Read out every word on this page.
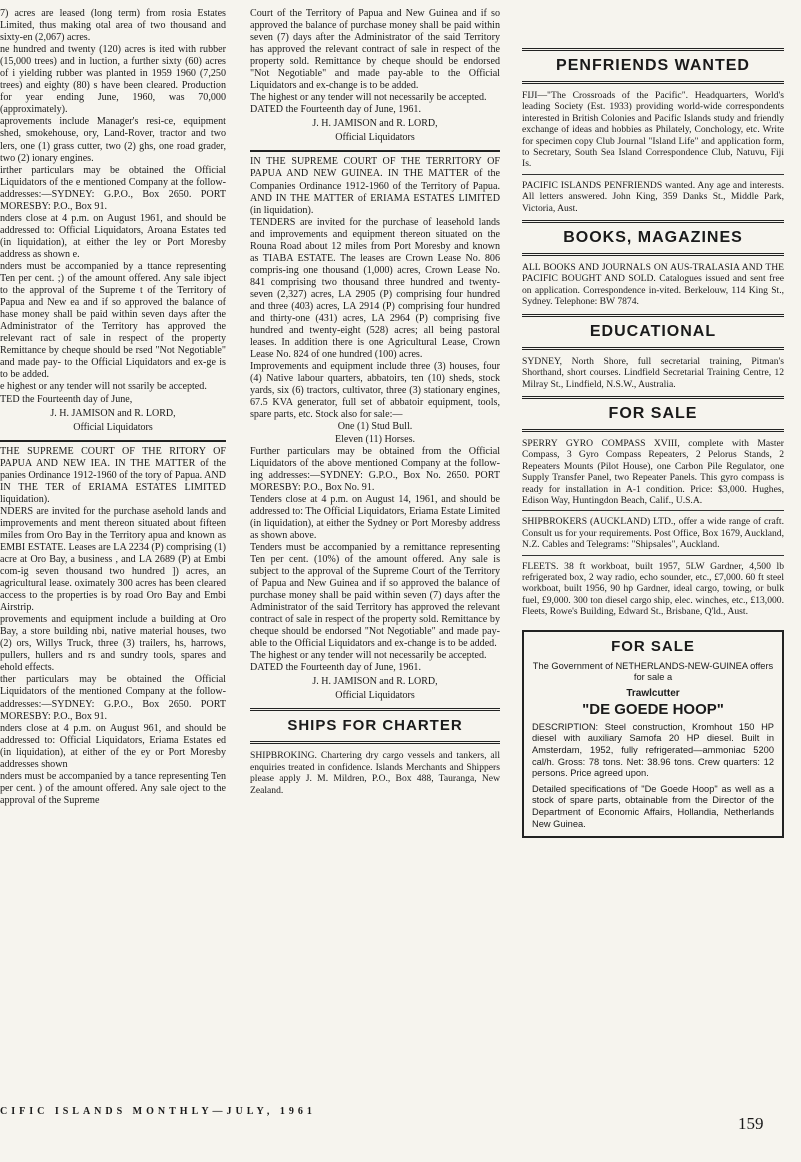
7) acres are leased (long term) from rosia Estates Limited, thus making otal area of two thousand and sixty-en (2,067) acres.

ne hundred and twenty (120) acres is ited with rubber (15,000 trees) and in luction, a further sixty (60) acres of i yielding rubber was planted in 1959 1960 (7,250 trees) and eighty (80) s have been cleared. Production for year ending June, 1960, was 70,000 (approximately).

aprovements include Manager's resi-ce, equipment shed, smokehouse, ory, Land-Rover, tractor and two lers, one (1) grass cutter, two (2) ghs, one road grader, two (2) ionary engines.

irther particulars may be obtained the Official Liquidators of the e mentioned Company at the follow- addresses:—SYDNEY: G.P.O., Box 2650. PORT MORESBY: P.O., Box 91.

nders close at 4 p.m. on August 1961, and should be addressed to: Official Liquidators, Aroana Estates ted (in liquidation), at either the ley or Port Moresby address as shown e.

nders must be accompanied by a ttance representing Ten per cent. ;) of the amount offered. Any sale ibject to the approval of the Supreme t of the Territory of Papua and New ea and if so approved the balance of hase money shall be paid within seven days after the Administrator of the Territory has approved the relevant ract of sale in respect of the property Remittance by cheque should be rsed "Not Negotiable" and made pay- to the Official Liquidators and ex-ge is to be added.

e highest or any tender will not ssarily be accepted.

TED the Fourteenth day of June,

J. H. JAMISON and R. LORD,
Official Liquidators

THE SUPREME COURT OF THE RITORY OF PAPUA AND NEW IEA. IN THE MATTER of the panies Ordinance 1912-1960 of the tory of Papua. AND IN THE TER of ERIAMA ESTATES LIMITED liquidation).

NDERS are invited for the purchase asehold lands and improvements and ment thereon situated about fifteen miles from Oro Bay in the Territory apua and known as EMBI ESTATE. Leases are LA 2234 (P) comprising (1) acre at Oro Bay, a business , and LA 2689 (P) at Embi com-ig seven thousand two hundred ]) acres, an agricultural lease. oximately 300 acres has been cleared access to the properties is by road Oro Bay and Embi Airstrip.

provements and equipment include a building at Oro Bay, a store building nbi, native material houses, two (2) ors, Willys Truck, three (3) trailers, hs, harrows, pullers, hullers and rs and sundry tools, spares and ehold effects.

ther particulars may be obtained the Official Liquidators of the mentioned Company at the follow- addresses:—SYDNEY: G.P.O., Box 2650. PORT MORESBY: P.O., Box 91.

nders close at 4 p.m. on August 961, and should be addressed to: Official Liquidators, Eriama Estates ed (in liquidation), at either of the ey or Port Moresby addresses shown

nders must be accompanied by a tance representing Ten per cent. ) of the amount offered. Any sale oject to the approval of the Supreme

Court of the Territory of Papua and New Guinea and if so approved the balance of purchase money shall be paid within seven (7) days after the Administrator of the said Territory has approved the relevant contract of sale in respect of the property sold. Remittance by cheque should be endorsed "Not Negotiable" and made pay-able to the Official Liquidators and ex-change is to be added.

The highest or any tender will not necessarily be accepted.

DATED the Fourteenth day of June, 1961.

J. H. JAMISON and R. LORD,
Official Liquidators

IN THE SUPREME COURT OF THE TERRITORY OF PAPUA AND NEW GUINEA. IN THE MATTER of the Companies Ordinance 1912-1960 of the Territory of Papua. AND IN THE MATTER of ERIAMA ESTATES LIMITED (in liquidation).

TENDERS are invited for the purchase of leasehold lands and improvements and equipment thereon situated on the Rouna Road about 12 miles from Port Moresby and known as TIABA ESTATE. The leases are Crown Lease No. 806 compris-ing one thousand (1,000) acres, Crown Lease No. 841 comprising two thousand three hundred and twenty-seven (2,327) acres, LA 2905 (P) comprising four hundred and three (403) acres, LA 2914 (P) comprising four hundred and thirty-one (431) acres, LA 2964 (P) comprising five hundred and twenty-eight (528) acres; all being pastoral leases. In addition there is one Agricultural Lease, Crown Lease No. 824 of one hundred (100) acres.

Improvements and equipment include three (3) houses, four (4) Native labour quarters, abbatoirs, ten (10) sheds, stock yards, six (6) tractors, cultivator, three (3) stationary engines, 67.5 KVA generator, full set of abbatoir equipment, tools, spare parts, etc. Stock also for sale:—

One (1) Stud Bull.

Eleven (11) Horses.

Further particulars may be obtained from the Official Liquidators of the above mentioned Company at the follow-ing addresses:—SYDNEY: G.P.O., Box No. 2650. PORT MORESBY: P.O., Box No. 91.

Tenders close at 4 p.m. on August 14, 1961, and should be addressed to: The Official Liquidators, Eriama Estate Limited (in liquidation), at either the Sydney or Port Moresby address as shown above.

Tenders must be accompanied by a remittance representing Ten per cent. (10%) of the amount offered. Any sale is subject to the approval of the Supreme Court of the Territory of Papua and New Guinea and if so approved the balance of purchase money shall be paid within seven (7) days after the Administrator of the said Territory has approved the relevant contract of sale in respect of the property sold. Remittance by cheque should be endorsed "Not Negotiable" and made pay-able to the Official Liquidators and ex-change is to be added.

The highest or any tender will not necessarily be accepted.

DATED the Fourteenth day of June, 1961.

J. H. JAMISON and R. LORD,
Official Liquidators
SHIPS FOR CHARTER

SHIPBROKING. Chartering dry cargo vessels and tankers, all enquiries treated in confidence. Islands Merchants and Shippers please apply J. M. Mildren, P.O., Box 488, Tauranga, New Zealand.

PENFRIENDS WANTED

FIJI—"The Crossroads of the Pacific". Headquarters, World's leading Society (Est. 1933) providing world-wide correspondents interested in British Colonies and Pacific Islands study and friendly exchange of ideas and hobbies as Philately, Conchology, etc. Write for specimen copy Club Journal "Island Life" and application form, to Secretary, South Sea Island Correspondence Club, Natuvu, Fiji Is.

PACIFIC ISLANDS PENFRIENDS wanted. Any age and interests. All letters answered. John King, 359 Danks St., Middle Park, Victoria, Aust.

BOOKS, MAGAZINES

ALL BOOKS AND JOURNALS ON AUS-TRALASIA AND THE PACIFIC BOUGHT AND SOLD. Catalogues issued and sent free on application. Correspondence in-vited. Berkelouw, 114 King St., Sydney. Telephone: BW 7874.

EDUCATIONAL

SYDNEY, North Shore, full secretarial training, Pitman's Shorthand, short courses. Lindfield Secretarial Training Centre, 12 Milray St., Lindfield, N.S.W., Australia.

FOR SALE

SPERRY GYRO COMPASS XVIII, complete with Master Compass, 3 Gyro Compass Repeaters, 2 Pelorus Stands, 2 Repeaters Mounts (Pilot House), one Carbon Pile Regulator, one Supply Transfer Panel, two Repeater Panels. This gyro compass is ready for installation in A-1 condition. Price: $3,000. Hughes, Edison Way, Huntingdon Beach, Calif., U.S.A.

SHIPBROKERS (AUCKLAND) LTD., offer a wide range of craft. Consult us for your requirements. Post Office, Box 1679, Auckland, N.Z. Cables and Telegrams: "Shipsales", Auckland.

FLEETS. 38 ft workboat, built 1957, 5LW Gardner, 4,500 lb refrigerated box, 2 way radio, echo sounder, etc., £7,000. 60 ft steel workboat, built 1956, 90 hp Gardner, ideal cargo, towing, or bulk fuel, £9,000. 300 ton diesel cargo ship, elec. winches, etc., £13,000. Fleets, Rowe's Building, Edward St., Brisbane, Q'ld., Aust.

FOR SALE

The Government of NETHERLANDS-NEW-GUINEA offers for sale a

Trawlcutter
"DE GOEDE HOOP"

DESCRIPTION: Steel construction, Kromhout 150 HP diesel with auxiliary Samofa 20 HP diesel. Built in Amsterdam, 1952, fully refrigerated—ammoniac 5200 cal/h. Gross: 78 tons. Net: 38.96 tons. Crew quarters: 12 persons. Price agreed upon.

Detailed specifications of "De Goede Hoop" as well as a stock of spare parts, obtainable from the Director of the Department of Economic Affairs, Hollandia, Netherlands New Guinea.

CIFIC ISLANDS MONTHLY—JULY, 1961
159
